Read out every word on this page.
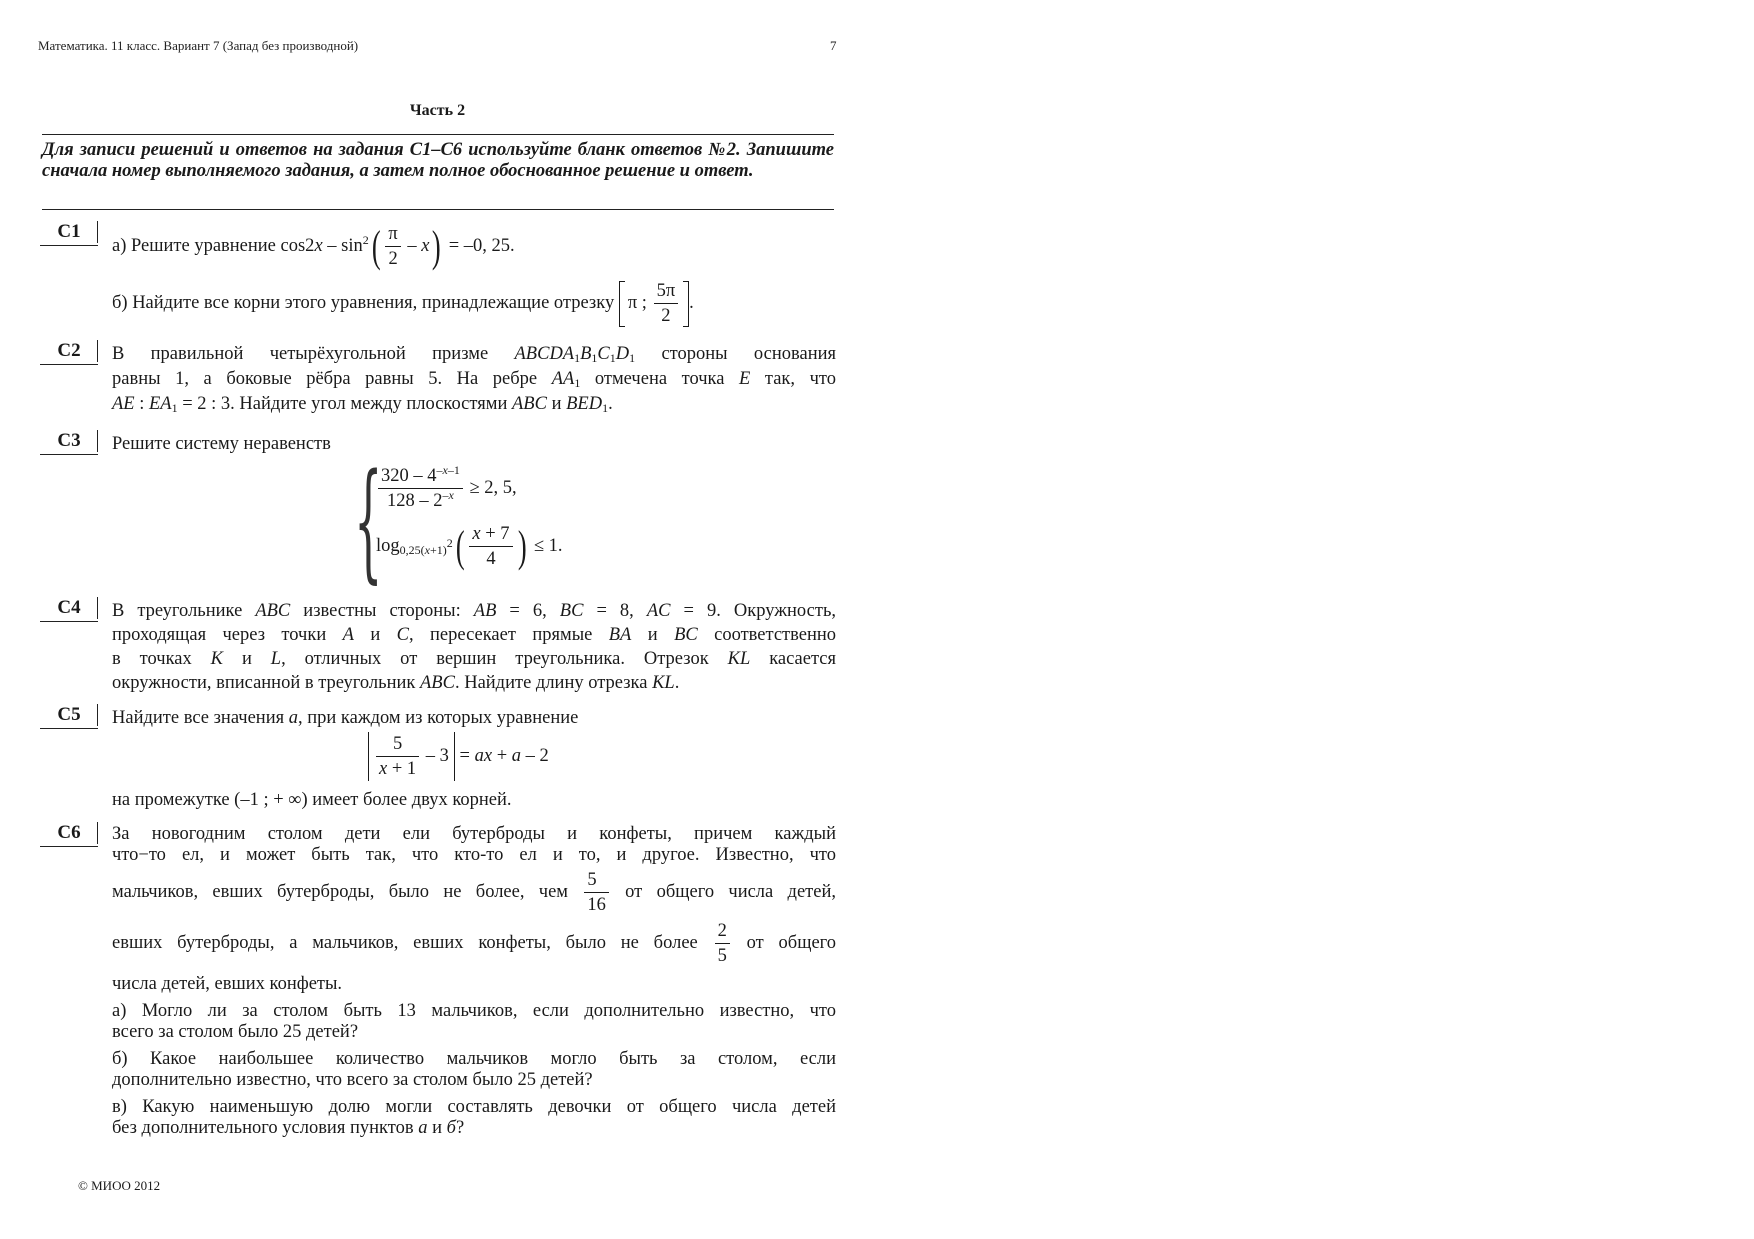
Математика. 11 класс. Вариант 7 (Запад без производной)	7
Часть 2
Для записи решений и ответов на задания С1–С6 используйте бланк ответов №2. Запишите сначала номер выполняемого задания, а затем полное обоснованное решение и ответ.
С1
а) Решите уравнение $\cos 2x - \sin^2( \frac{\pi}{2} - x) = -0$, 25.
б) Найдите все корни этого уравнения, принадлежащие отрезку π ; $\frac{5\pi}{2}$ .
С2	В правильной четырёхугольной призме $ABCDA_1B_1C_1D_1$ стороны основания
равны 1, а боковые рёбра равны 5. На ребре $AA_1$ отмечена точка E так, что
AE : $EA_1 = 2$ : 3. Найдите угол между плоскостями ABC и $BED_1$.
С3	Решите систему неравенств
{
$\frac{320 - 4^{-x-1}}{128 - 2^{-x}} \ge 2$, 5,
$\log_{0,25(x+1)^2}( \frac{x + 7}{4}$ ) ≤ 1.
С4	В треугольнике ABC известны стороны: AB = 6, BC = 8, AC = 9. Окружность,
проходящая через точки A и C, пересекает прямые BA и BC соответственно
в точках K и L, отличных от вершин треугольника. Отрезок KL касается
окружности, вписанной в треугольник ABC. Найдите длину отрезка KL.
С5	Найдите все значения a, при каждом из которых уравнение
$\frac{5}{x + 1} - 3$ = ax + a – 2
на промежутке (–1 ; + ∞) имеет более двух корней.
С6	За новогодним столом дети ели бутерброды и конфеты, причем каждый
что−то ел, и может быть так, что кто-то ел и то, и другое. Известно, что
мальчиков, евших бутерброды, было не более, чем $\frac{5}{16}$ от общего числа детей,
евших бутерброды, а мальчиков, евших конфеты, было не более $\frac{2}{5}$ от общего
числа детей, евших конфеты.
а) Могло ли за столом быть 13 мальчиков, если дополнительно известно, что
всего за столом было 25 детей?
б) Какое наибольшее количество мальчиков могло быть за столом, если
дополнительно известно, что всего за столом было 25 детей?
в) Какую наименьшую долю могли составлять девочки от общего числа детей
без дополнительного условия пунктов а и б?
© МИОО 2012
